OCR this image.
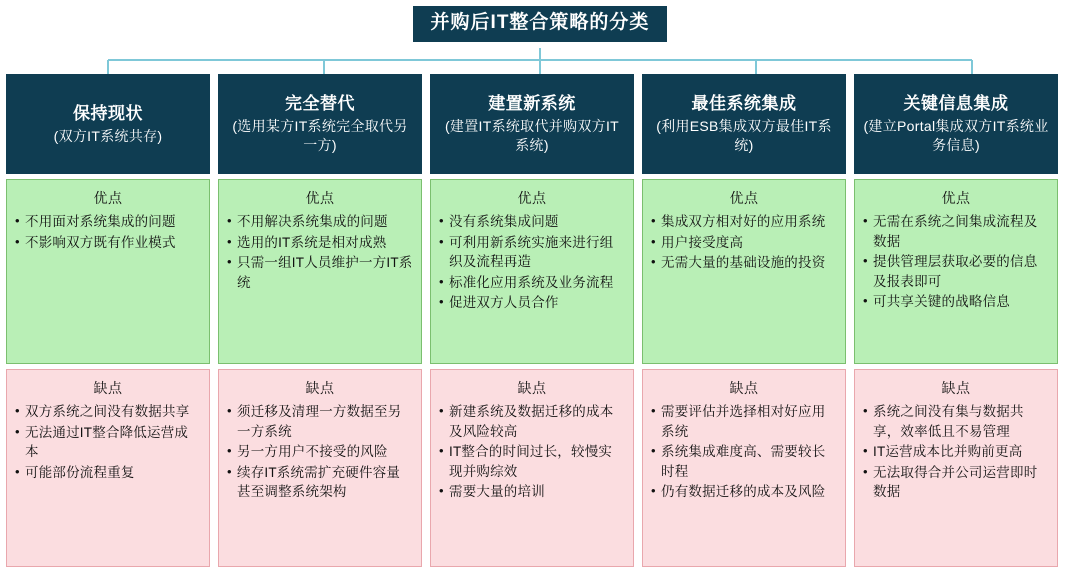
并购后IT整合策略的分类
保持现状
(双方IT系统共存)
优点
• 不用面对系统集成的问题
• 不影响双方既有作业模式
缺点
• 双方系统之间没有数据共享
• 无法通过IT整合降低运营成本
• 可能部份流程重复
完全替代
(选用某方IT系统完全取代另一方)
优点
• 不用解决系统集成的问题
• 选用的IT系统是相对成熟
• 只需一组IT人员维护一方IT系统
缺点
• 须迁移及清理一方数据至另一方系统
• 另一方用户不接受的风险
• 续存IT系统需扩充硬件容量甚至调整系统架构
建置新系统
(建置IT系统取代并购双方IT系统)
优点
• 没有系统集成问题
• 可利用新系统实施来进行组织及流程再造
• 标准化应用系统及业务流程
• 促进双方人员合作
缺点
• 新建系统及数据迁移的成本及风险较高
• IT整合的时间过长，较慢实现并购综效
• 需要大量的培训
最佳系统集成
(利用ESB集成双方最佳IT系统)
优点
• 集成双方相对好的应用系统
• 用户接受度高
• 无需大量的基础设施的投资
缺点
• 需要评估并选择相对好应用系统
• 系统集成难度高、需要较长时程
• 仍有数据迁移的成本及风险
关键信息集成
(建立Portal集成双方IT系统业务信息)
优点
• 无需在系统之间集成流程及数据
• 提供管理层获取必要的信息及报表即可
• 可共享关键的战略信息
缺点
• 系统之间没有集与数据共享，效率低且不易管理
• IT运营成本比并购前更高
• 无法取得合并公司运营即时数据
